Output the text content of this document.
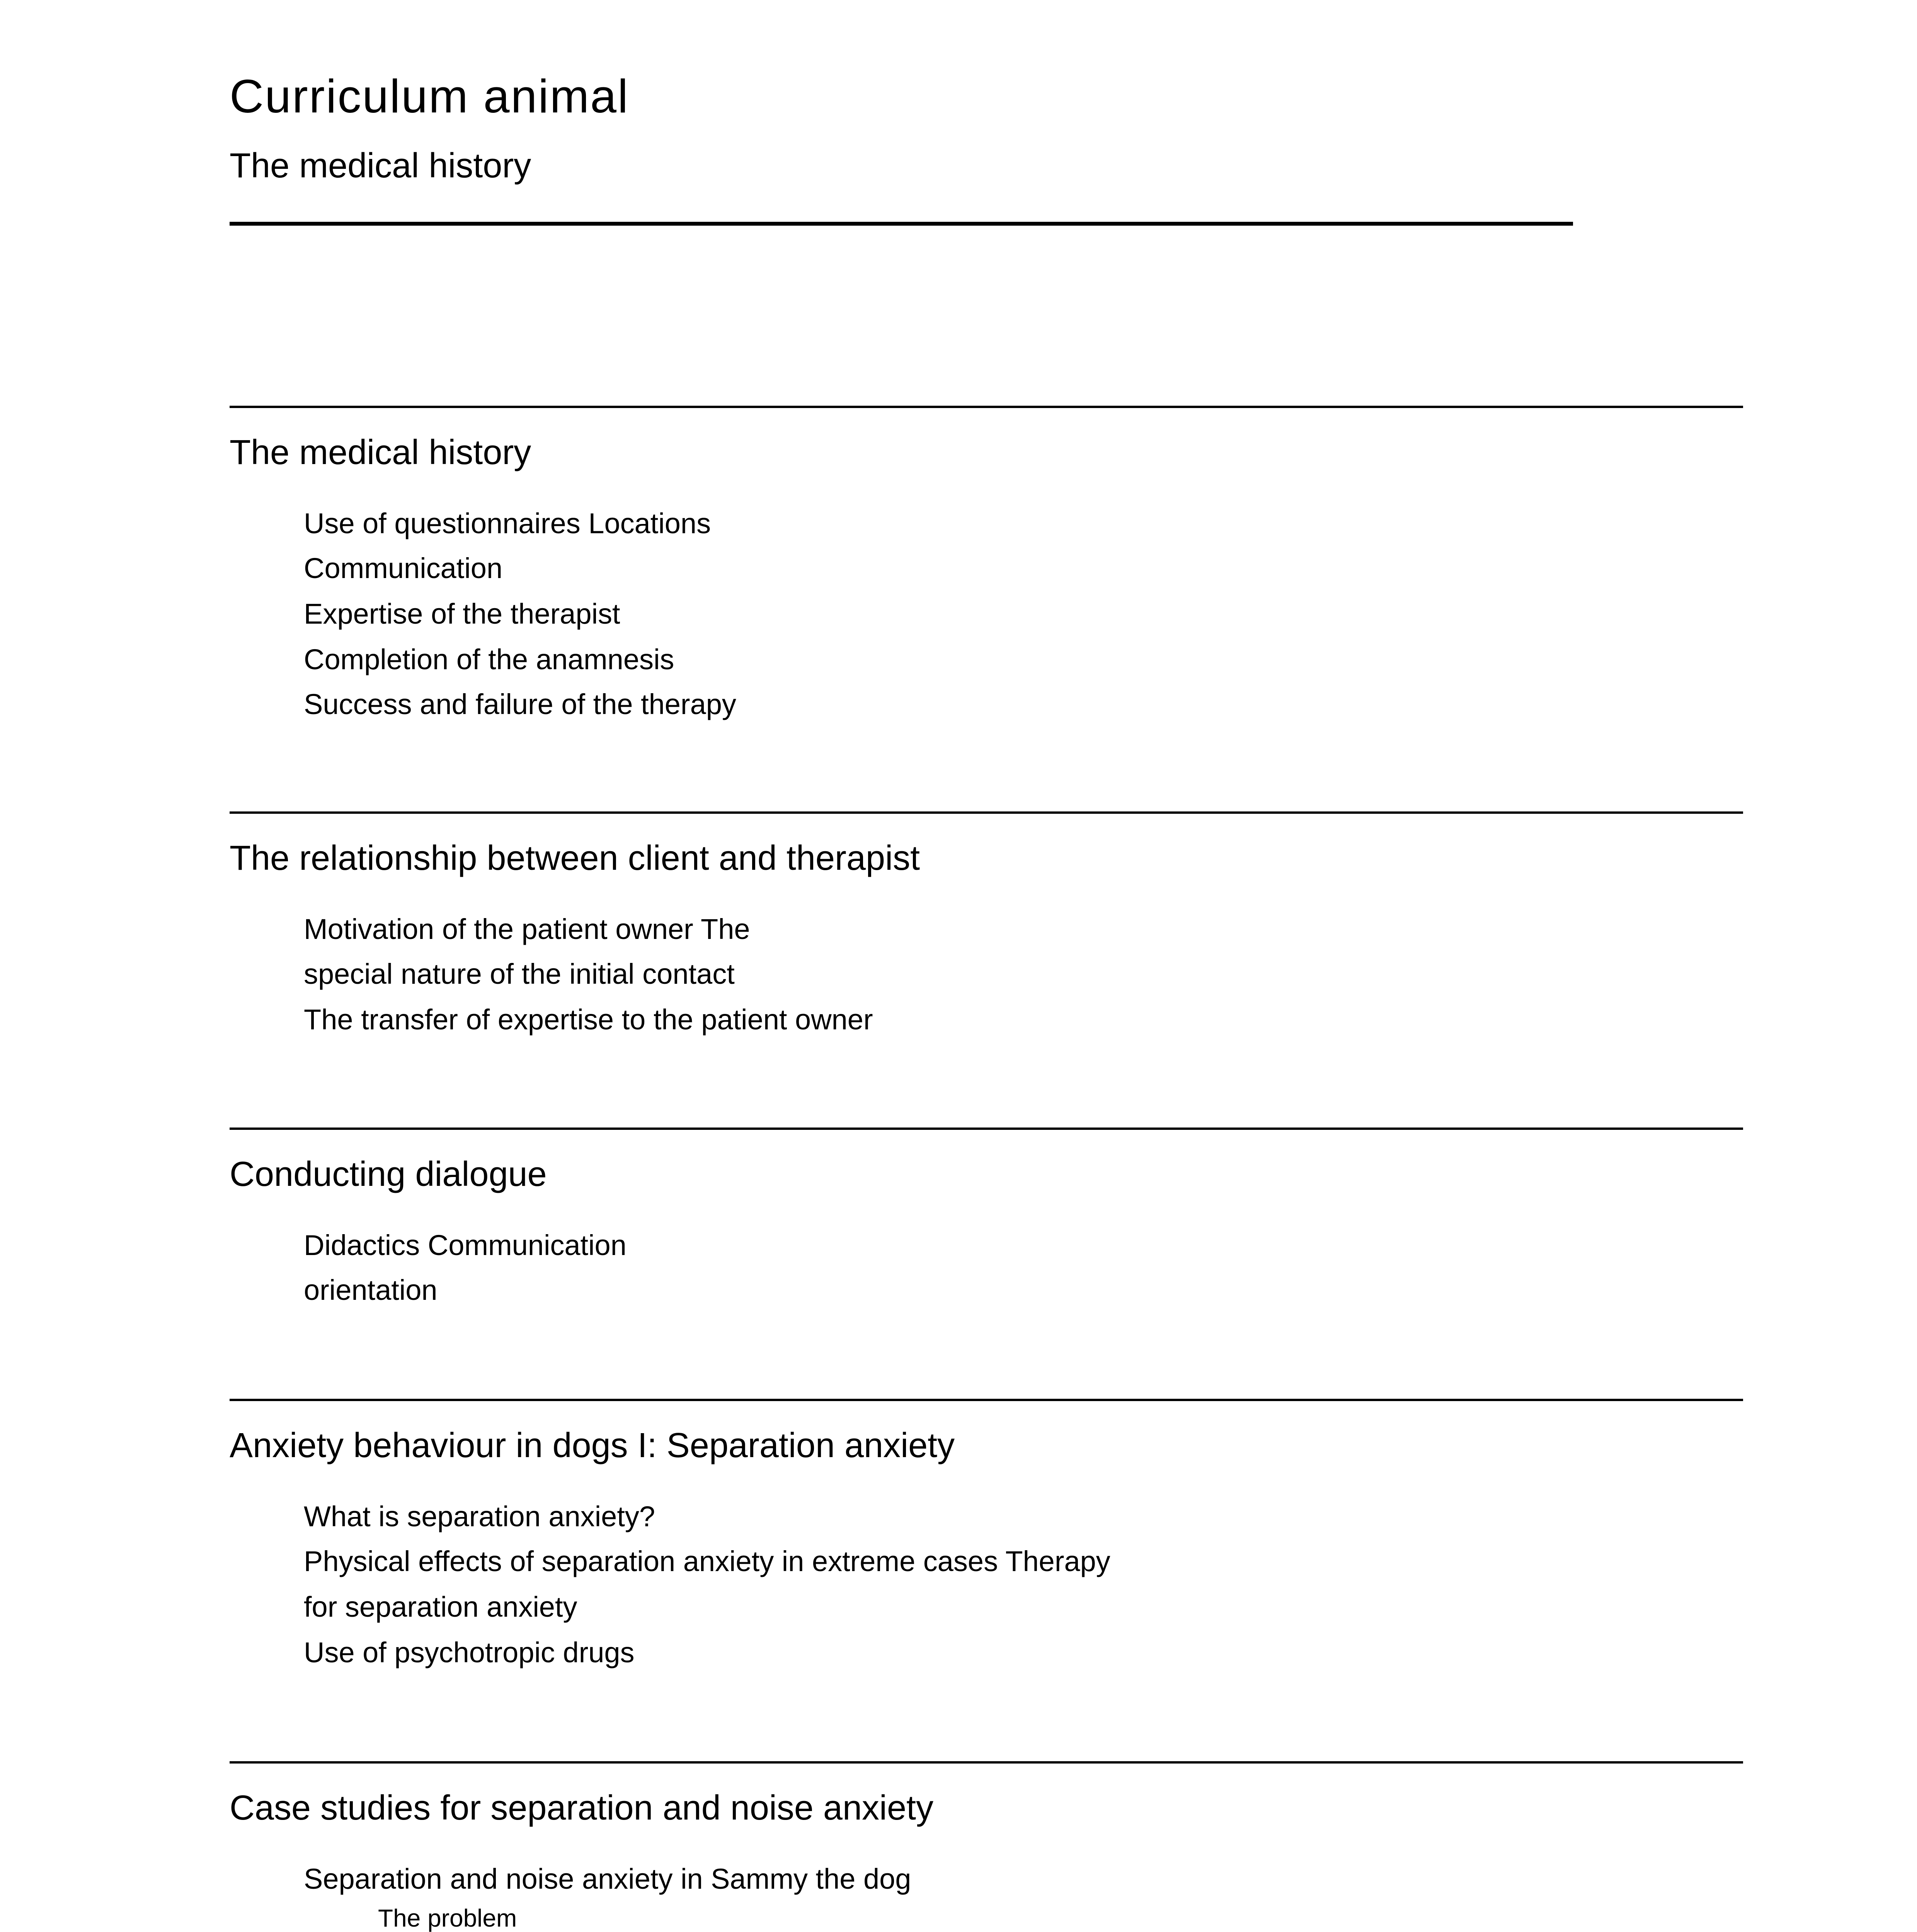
Curriculum animal
The medical history
The medical history
Use of questionnaires Locations
Communication
Expertise of the therapist
Completion of the anamnesis
Success and failure of the therapy
The relationship between client and therapist
Motivation of the patient owner The
special nature of the initial contact
The transfer of expertise to the patient owner
Conducting dialogue
Didactics Communication
orientation
Anxiety behaviour in dogs I: Separation anxiety
What is separation anxiety?
Physical effects of separation anxiety in extreme cases Therapy
for separation anxiety
Use of psychotropic drugs
Case studies for separation and noise anxiety
Separation and noise anxiety in Sammy the dog
The problem
